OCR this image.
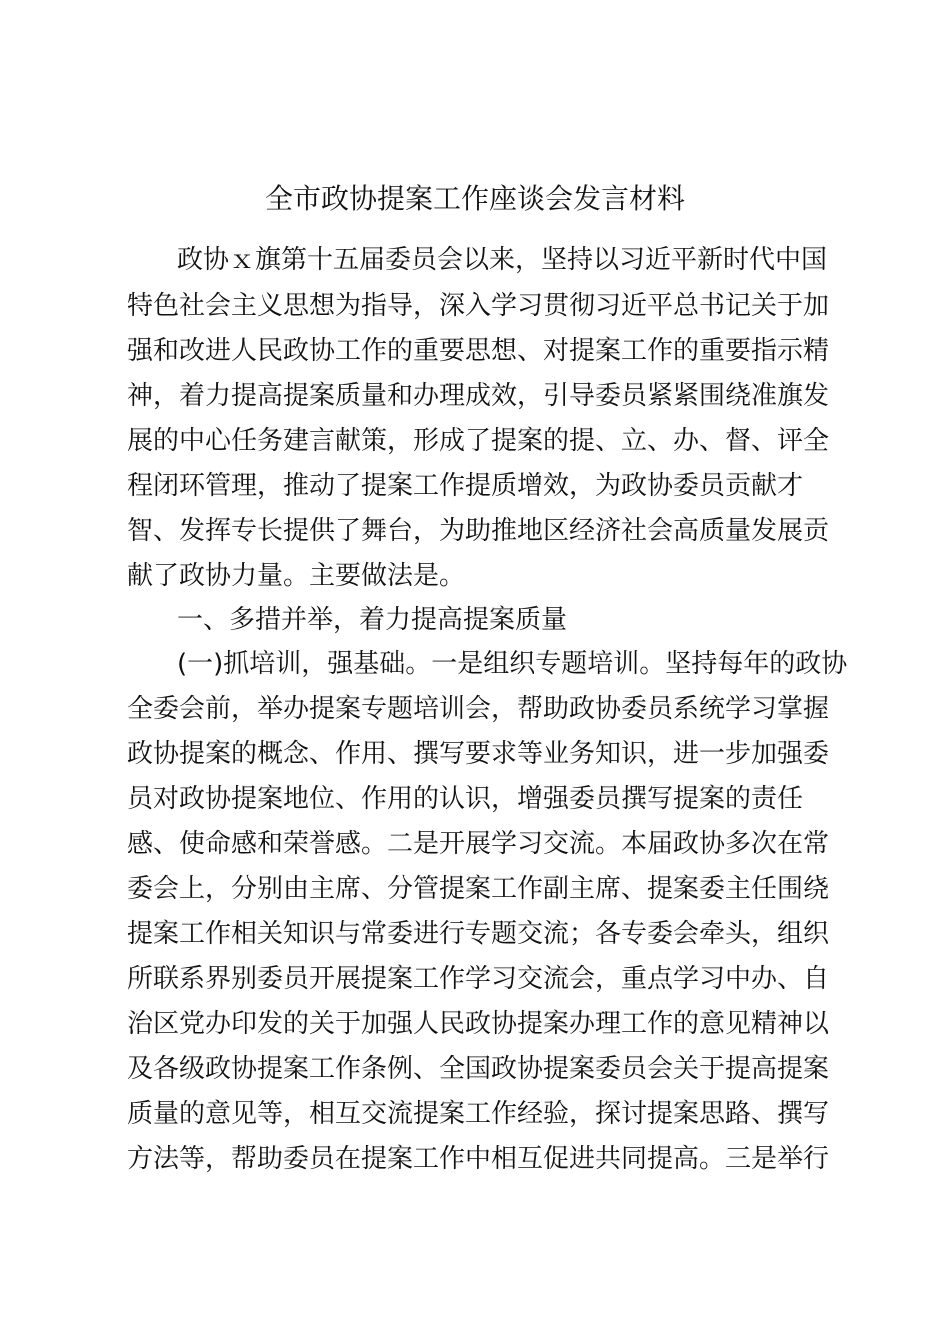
全市政协提案工作座谈会发言材料

政协ｘ旗第十五届委员会以来，坚持以习近平新时代中国

特色社会主义思想为指导，深入学习贯彻习近平总书记关于加

强和改进人民政协工作的重要思想、对提案工作的重要指示精

神，着力提高提案质量和办理成效，引导委员紧紧围绕准旗发

展的中心任务建言献策，形成了提案的提、立、办、督、评全

程闭环管理，推动了提案工作提质增效，为政协委员贡献才

智、发挥专长提供了舞台，为助推地区经济社会高质量发展贡

献了政协力量。主要做法是。

一、多措并举，着力提高提案质量

(一)抓培训，强基础。一是组织专题培训。坚持每年的政协

全委会前，举办提案专题培训会，帮助政协委员系统学习掌握

政协提案的概念、作用、撰写要求等业务知识，进一步加强委

员对政协提案地位、作用的认识，增强委员撰写提案的责任

感、使命感和荣誉感。二是开展学习交流。本届政协多次在常

委会上，分别由主席、分管提案工作副主席、提案委主任围绕

提案工作相关知识与常委进行专题交流；各专委会牵头，组织

所联系界别委员开展提案工作学习交流会，重点学习中办、自

治区党办印发的关于加强人民政协提案办理工作的意见精神以

及各级政协提案工作条例、全国政协提案委员会关于提高提案

质量的意见等，相互交流提案工作经验，探讨提案思路、撰写

方法等，帮助委员在提案工作中相互促进共同提高。三是举行
